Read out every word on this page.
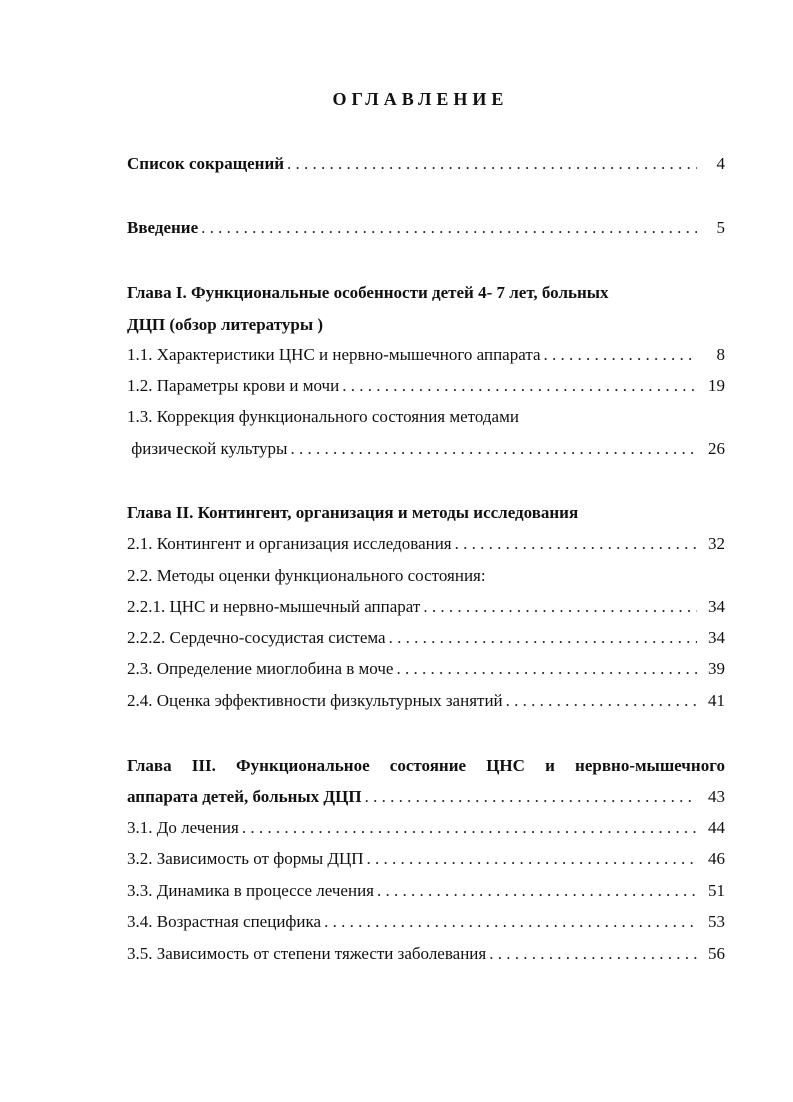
ОГЛАВЛЕНИЕ
Список сокращений . . .	4
Введение . . .	5
Глава I. Функциональные особенности детей 4- 7 лет, больных
ДЦП (обзор литературы )
1.1. Характеристики ЦНС и нервно-мышечного аппарата . . .	8
1.2. Параметры крови и мочи . . .	19
1.3. Коррекция функционального состояния методами
физической культуры . . .	26
Глава II. Контингент, организация и методы исследования
2.1. Контингент и организация исследования . . .	32
2.2. Методы оценки функционального состояния:
2.2.1. ЦНС и нервно-мышечный аппарат . . .	34
2.2.2. Сердечно-сосудистая система . . .	34
2.3. Определение миоглобина в моче . . .	39
2.4. Оценка эффективности физкультурных занятий . . .	41
Глава III. Функциональное состояние ЦНС и нервно-мышечного
аппарата детей, больных ДЦП . . .	43
3.1. До лечения . . .	44
3.2. Зависимость от формы ДЦП . . .	46
3.3. Динамика в процессе лечения . . .	51
3.4. Возрастная специфика . . .	53
3.5. Зависимость от степени тяжести заболевания . . .	56
